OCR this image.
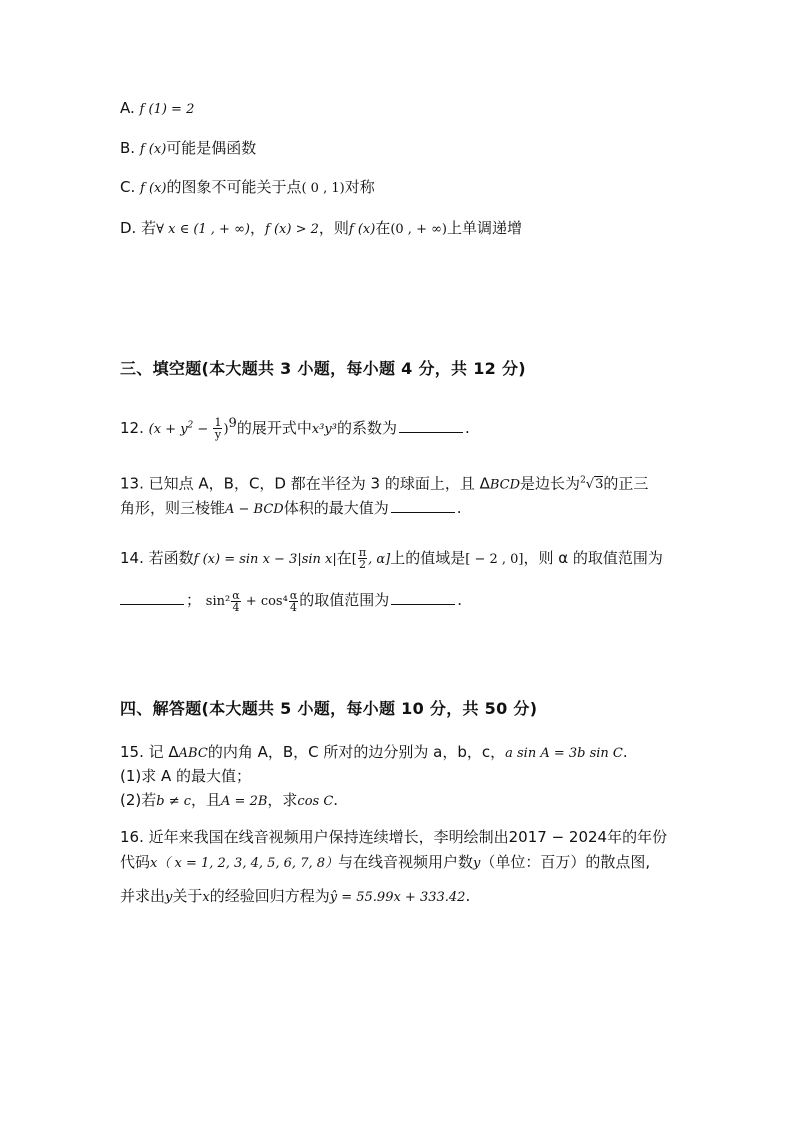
A. f (1) = 2
B. f (x)可能是偶函数
C. f (x)的图象不可能关于点( 0 , 1)对称
D. 若∀ x ∈ (1 , + ∞)，f (x) > 2，则f (x)在(0 , + ∞)上单调递增
三、填空题(本大题共 3 小题，每小题 4 分，共 12 分)
12. $(x + y^2 - \frac{1}{y} )^9$的展开式中x³y³的系数为	.
13. 已知点 A，B，C，D 都在半径为 3 的球面上，且 ΔBCD是边长为$^2$√3的正三
角形，则三棱锥A − BCD体积的最大值为	.
14. 若函数f (x) = sin x − 3|sin x|在[ $\frac{\pi}{2}$ , α]上的值域是[ − 2 , 0]，则 α 的取值范围为
； $\sin^2 \frac{\alpha}{4} + \cos^4 \frac{\alpha}{4}$ 的取值范围为	.
四、解答题(本大题共 5 小题，每小题 10 分，共 50 分)
15. 记 ΔABC的内角 A，B，C 所对的边分别为 a，b，c，a sin A = 3b sin C.
(1)求 A 的最大值；
(2)若b ≠ c，且A = 2B，求cos C.
16. 近年来我国在线音视频用户保持连续增长，李明绘制出2017 − 2024年的年份
代码x（ x = 1, 2, 3, 4, 5, 6, 7, 8）与在线音视频用户数y（单位：百万）的散点图,
并求出y关于x的经验回归方程为ŷ = 55.99x + 333.42.
